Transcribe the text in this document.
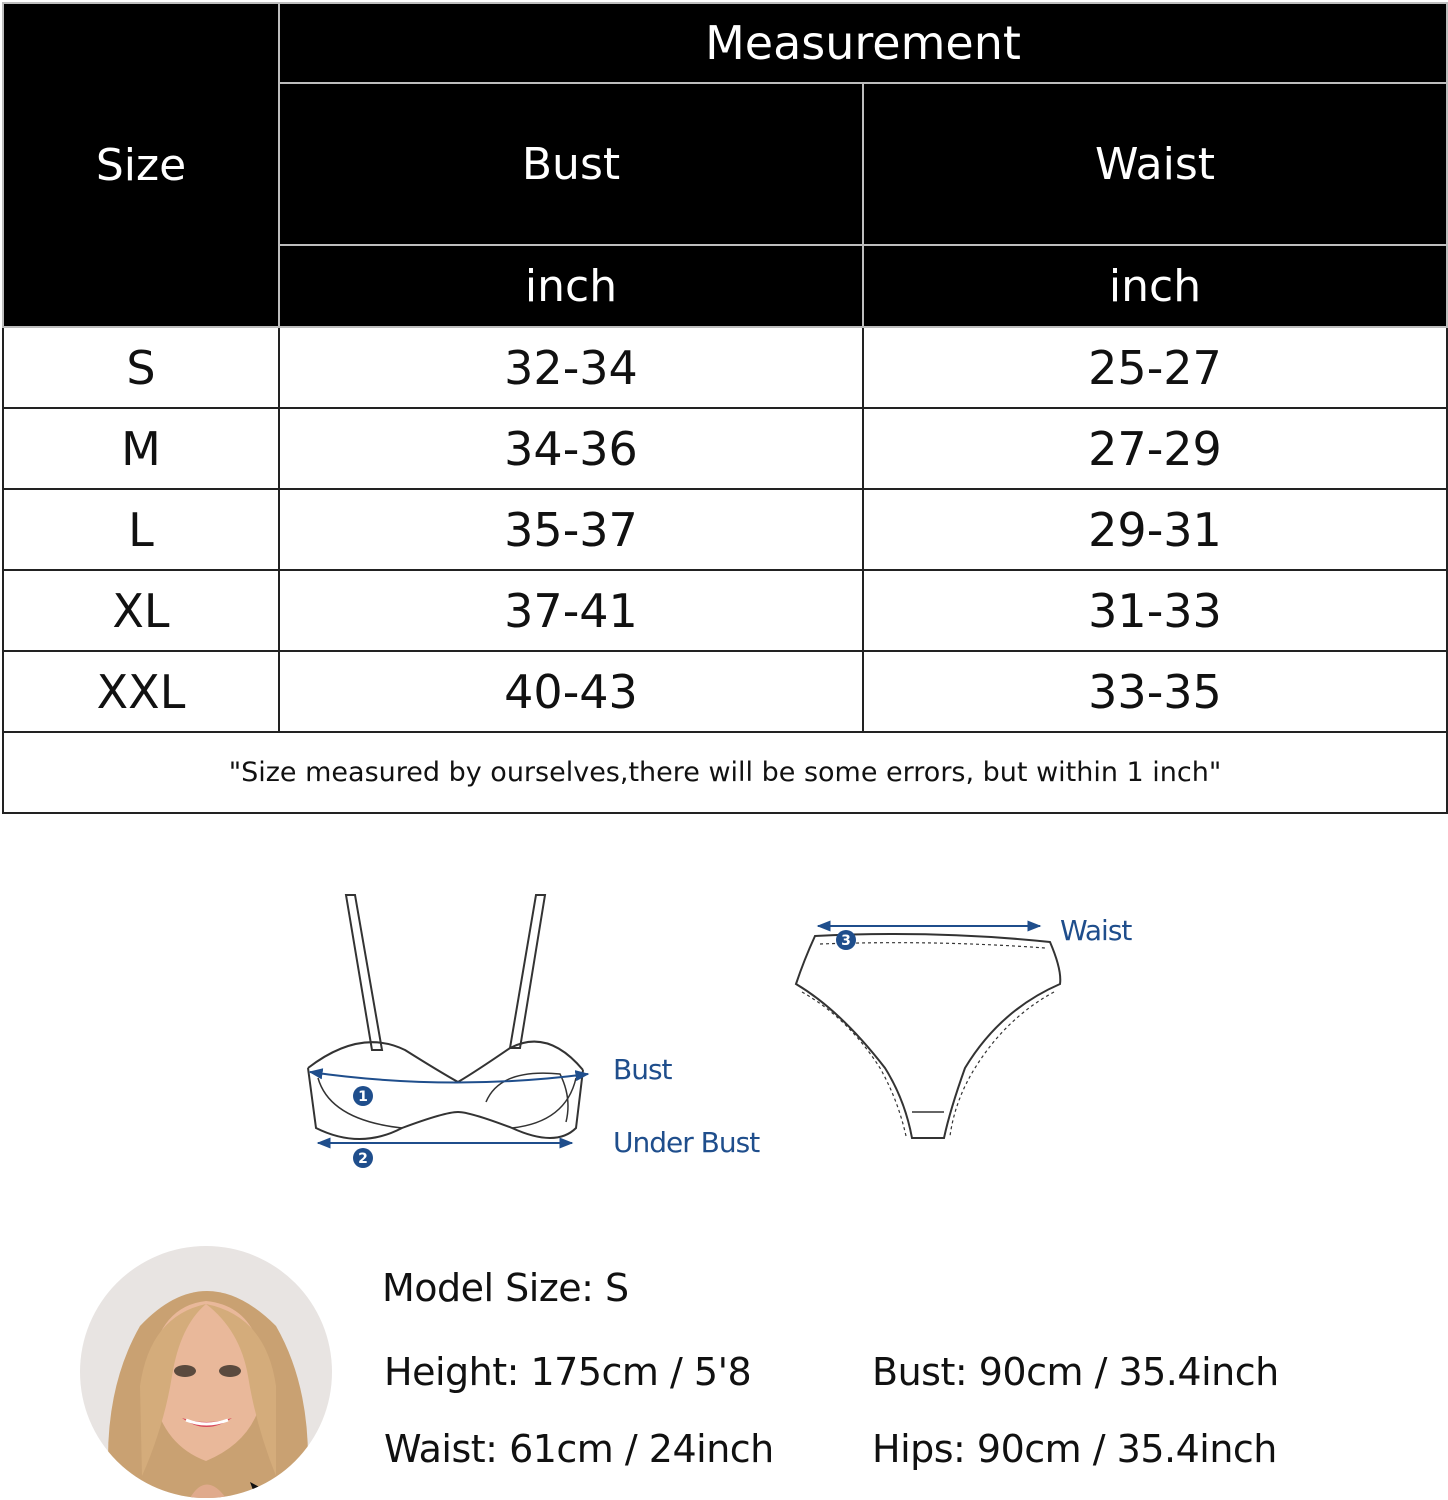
Size	Measurement	
	Bust	Waist
	inch	inch
S	32-34	25-27
M	34-36	27-29
L	35-37	29-31
XL	37-41	31-33
XXL	40-43	33-35
"Size measured by ourselves,there will be some errors, but within 1 inch"		
1
Bust
2	Under Bust
3	Waist
Model Size: S
Height: 175cm / 5'8	Bust: 90cm / 35.4inch
Waist: 61cm / 24inch	Hips: 90cm / 35.4inch
